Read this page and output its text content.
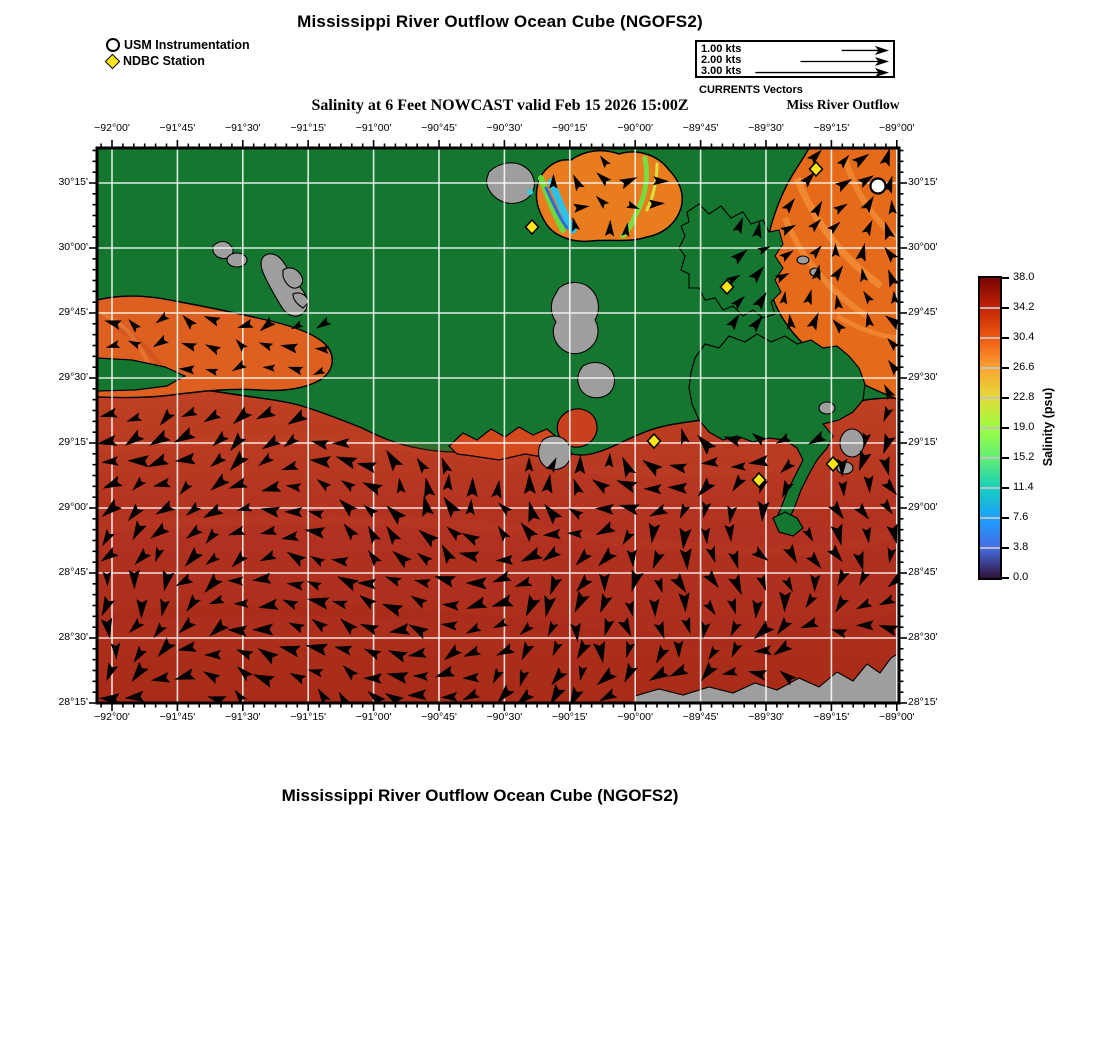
Mississippi River Outflow Ocean Cube (NGOFS2)
USM Instrumentation
NDBC Station
1.00 kts
2.00 kts
3.00 kts
CURRENTS Vectors
Salinity at 6 Feet NOWCAST valid Feb 15 2026 15:00Z	Miss River Outflow
−92°00'
−92°00'
−91°45'
−91°45'
−91°30'
−91°30'
−91°15'
−91°15'
−91°00'
−91°00'
−90°45'
−90°45'
−90°30'
−90°30'
−90°15'
−90°15'
−90°00'
−90°00'
−89°45'
−89°45'
−89°30'
−89°30'
−89°15'
−89°15'
−89°00'
−89°00'
30°15'	30°15'
30°00'	30°00'
29°45'	29°45'
29°30'	29°30'
29°15'	29°15'
29°00'	29°00'
28°45'	28°45'
28°30'	28°30'
28°15'	28°15'
38.0
34.2
30.4
26.6
22.8
19.0
15.2
11.4
7.6
3.8
0.0
Salinity (psu)
Mississippi River Outflow Ocean Cube (NGOFS2)
